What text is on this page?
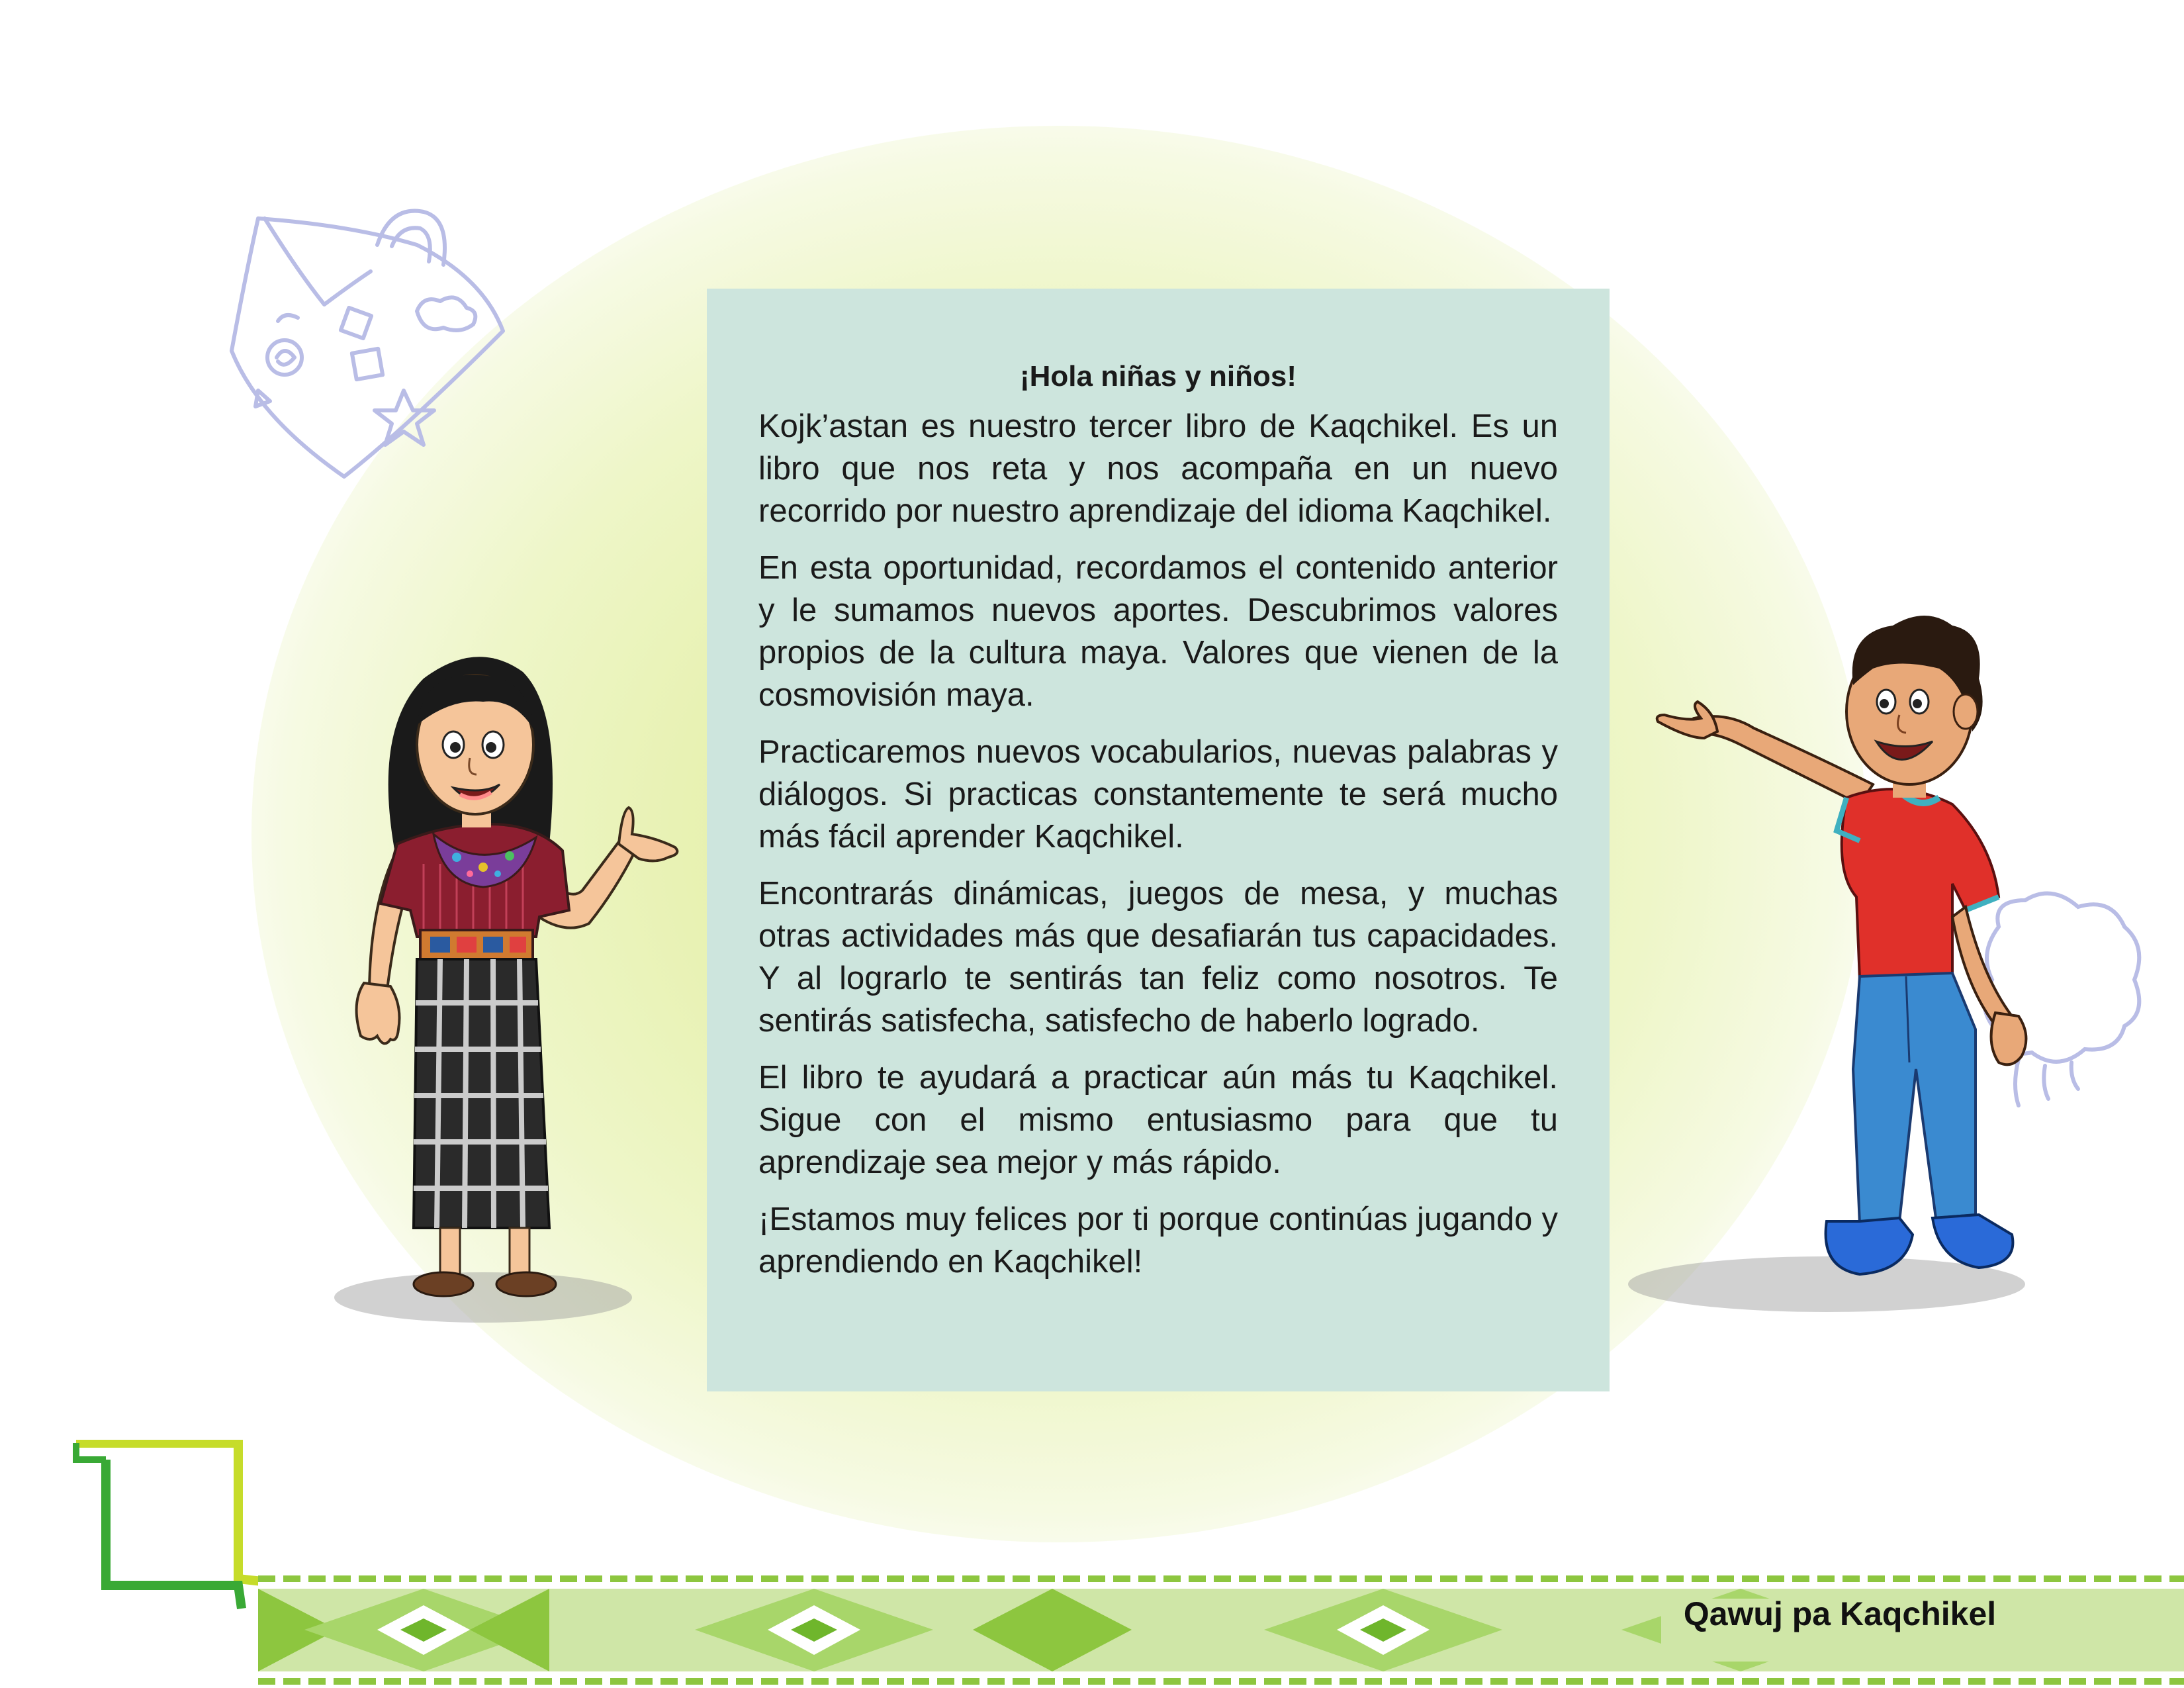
¡Hola niñas y niños!

Kojk’astan es nuestro tercer libro de Kaqchikel. Es un libro que nos reta y nos acompaña en un nuevo recorrido por nuestro aprendizaje del idioma Kaqchikel.

En esta oportunidad, recordamos el contenido anterior y le sumamos nuevos aportes. Descubrimos valores propios de la cultura maya. Valores que vienen de la cosmovisión maya.

Practicaremos nuevos vocabularios, nuevas palabras y diálogos. Si practicas constantemente te será mucho más fácil aprender Kaqchikel.

Encontrarás dinámicas, juegos de mesa, y muchas otras actividades más que desafiarán tus capacidades. Y al lograrlo te sentirás tan feliz como nosotros. Te sentirás satisfecha, satisfecho de haberlo logrado.

El libro te ayudará a practicar aún más tu Kaqchikel. Sigue con el mismo entusiasmo para que tu aprendizaje sea mejor y más rápido.

¡Estamos muy felices por ti porque continúas jugando y aprendiendo en Kaqchikel!

Qawuj pa Kaqchikel
